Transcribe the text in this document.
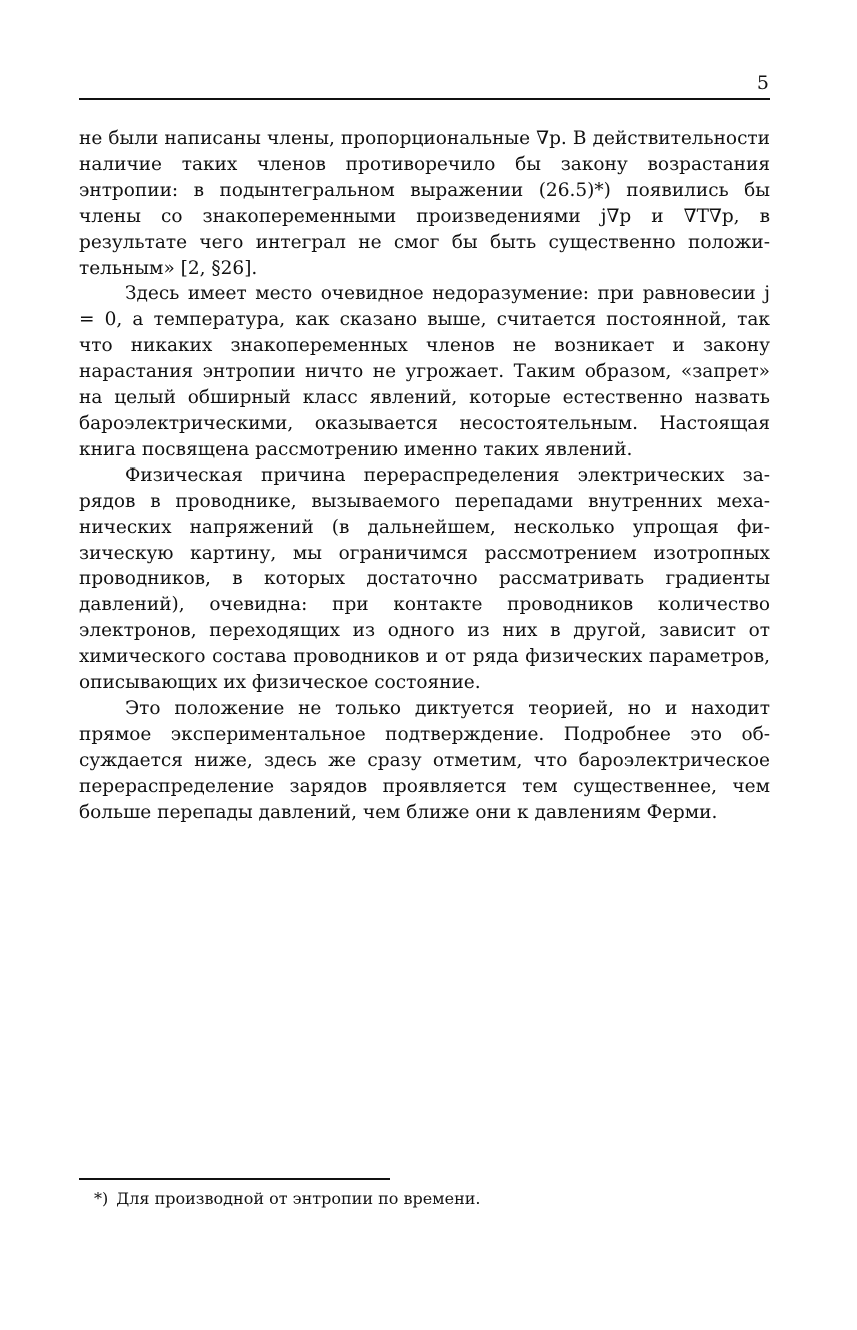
5

не были написаны члены, пропорциональные ∇p. В действительности наличие таких членов противоречило бы закону возрастания энтропии: в подынтегральном выражении (26.5)*) появились бы члены со знакопеременными произведениями j∇p и ∇T∇p, в результате чего интеграл не смог бы быть существенно положительным» [2, §26].

Здесь имеет место очевидное недоразумение: при равновесии j = 0, а температура, как сказано выше, считается постоянной, так что никаких знакопеременных членов не возникает и закону нарастания энтропии ничто не угрожает. Таким образом, «запрет» на целый обширный класс явлений, которые естественно назвать бароэлектрическими, оказывается несостоятельным. Настоящая книга посвящена рассмотрению именно таких явлений.

Физическая причина перераспределения электрических зарядов в проводнике, вызываемого перепадами внутренних механических напряжений (в дальнейшем, несколько упрощая физическую картину, мы ограничимся рассмотрением изотропных проводников, в которых достаточно рассматривать градиенты давлений), очевидна: при контакте проводников количество электронов, переходящих из одного из них в другой, зависит от химического состава проводников и от ряда физических параметров, описывающих их физическое состояние.

Это положение не только диктуется теорией, но и находит прямое экспериментальное подтверждение. Подробнее это обсуждается ниже, здесь же сразу отметим, что бароэлектрическое перераспределение зарядов проявляется тем существеннее, чем больше перепады давлений, чем ближе они к давлениям Ферми.

*) Для производной от энтропии по времени.
